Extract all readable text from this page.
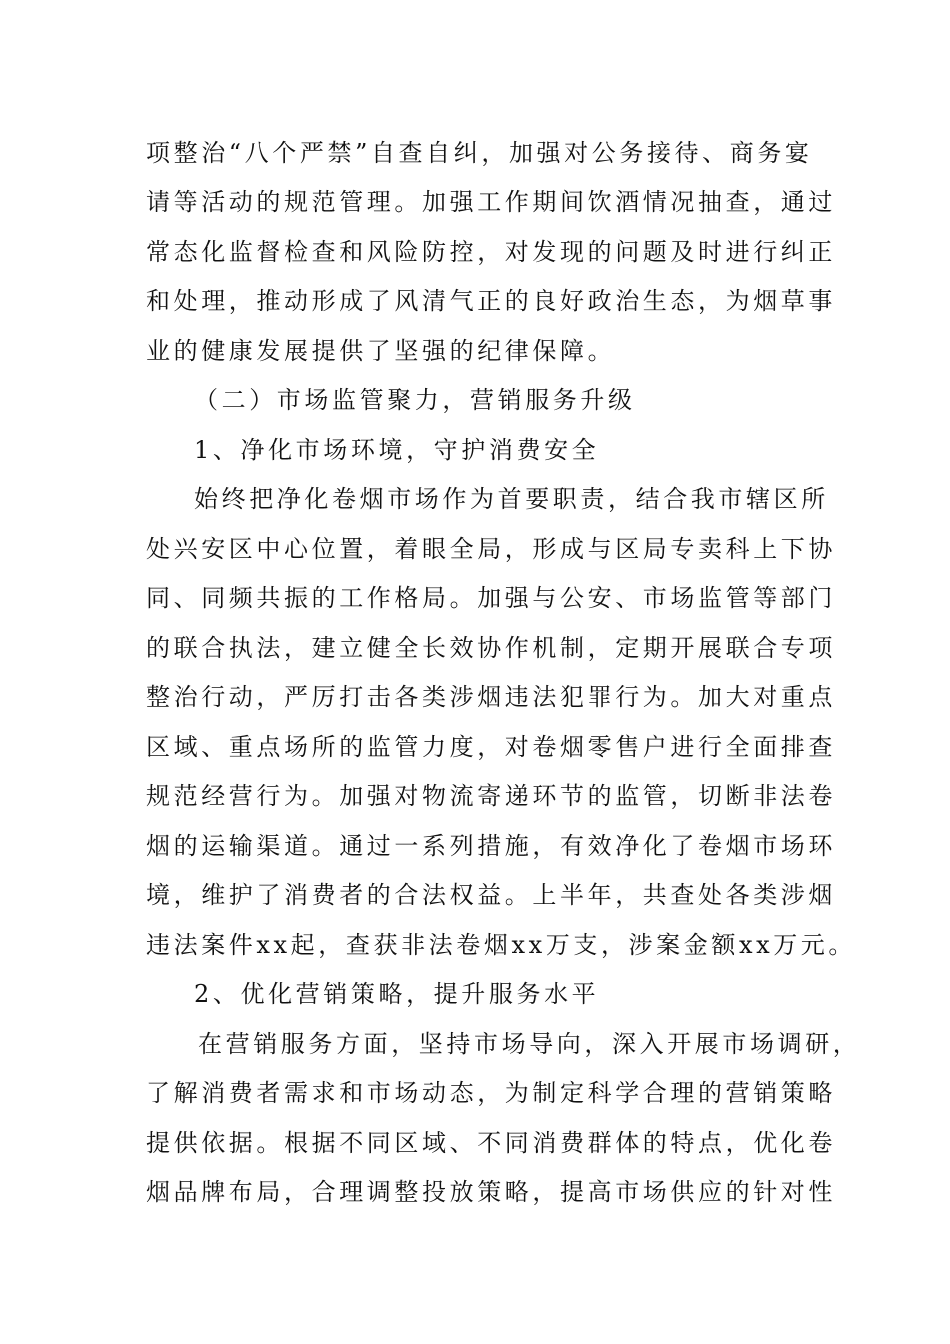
项整治“八个严禁”自查自纠，加强对公务接待、商务宴
请等活动的规范管理。加强工作期间饮酒情况抽查，通过
常态化监督检查和风险防控，对发现的问题及时进行纠正
和处理，推动形成了风清气正的良好政治生态，为烟草事
业的健康发展提供了坚强的纪律保障。
（二）市场监管聚力，营销服务升级
1、净化市场环境，守护消费安全
始终把净化卷烟市场作为首要职责，结合我市辖区所
处兴安区中心位置，着眼全局，形成与区局专卖科上下协
同、同频共振的工作格局。加强与公安、市场监管等部门
的联合执法，建立健全长效协作机制，定期开展联合专项
整治行动，严厉打击各类涉烟违法犯罪行为。加大对重点
区域、重点场所的监管力度，对卷烟零售户进行全面排查
规范经营行为。加强对物流寄递环节的监管，切断非法卷
烟的运输渠道。通过一系列措施，有效净化了卷烟市场环
境，维护了消费者的合法权益。上半年，共查处各类涉烟
违法案件xx起，查获非法卷烟xx万支，涉案金额xx万元。
2、优化营销策略，提升服务水平
在营销服务方面，坚持市场导向，深入开展市场调研，
了解消费者需求和市场动态，为制定科学合理的营销策略
提供依据。根据不同区域、不同消费群体的特点，优化卷
烟品牌布局，合理调整投放策略，提高市场供应的针对性
